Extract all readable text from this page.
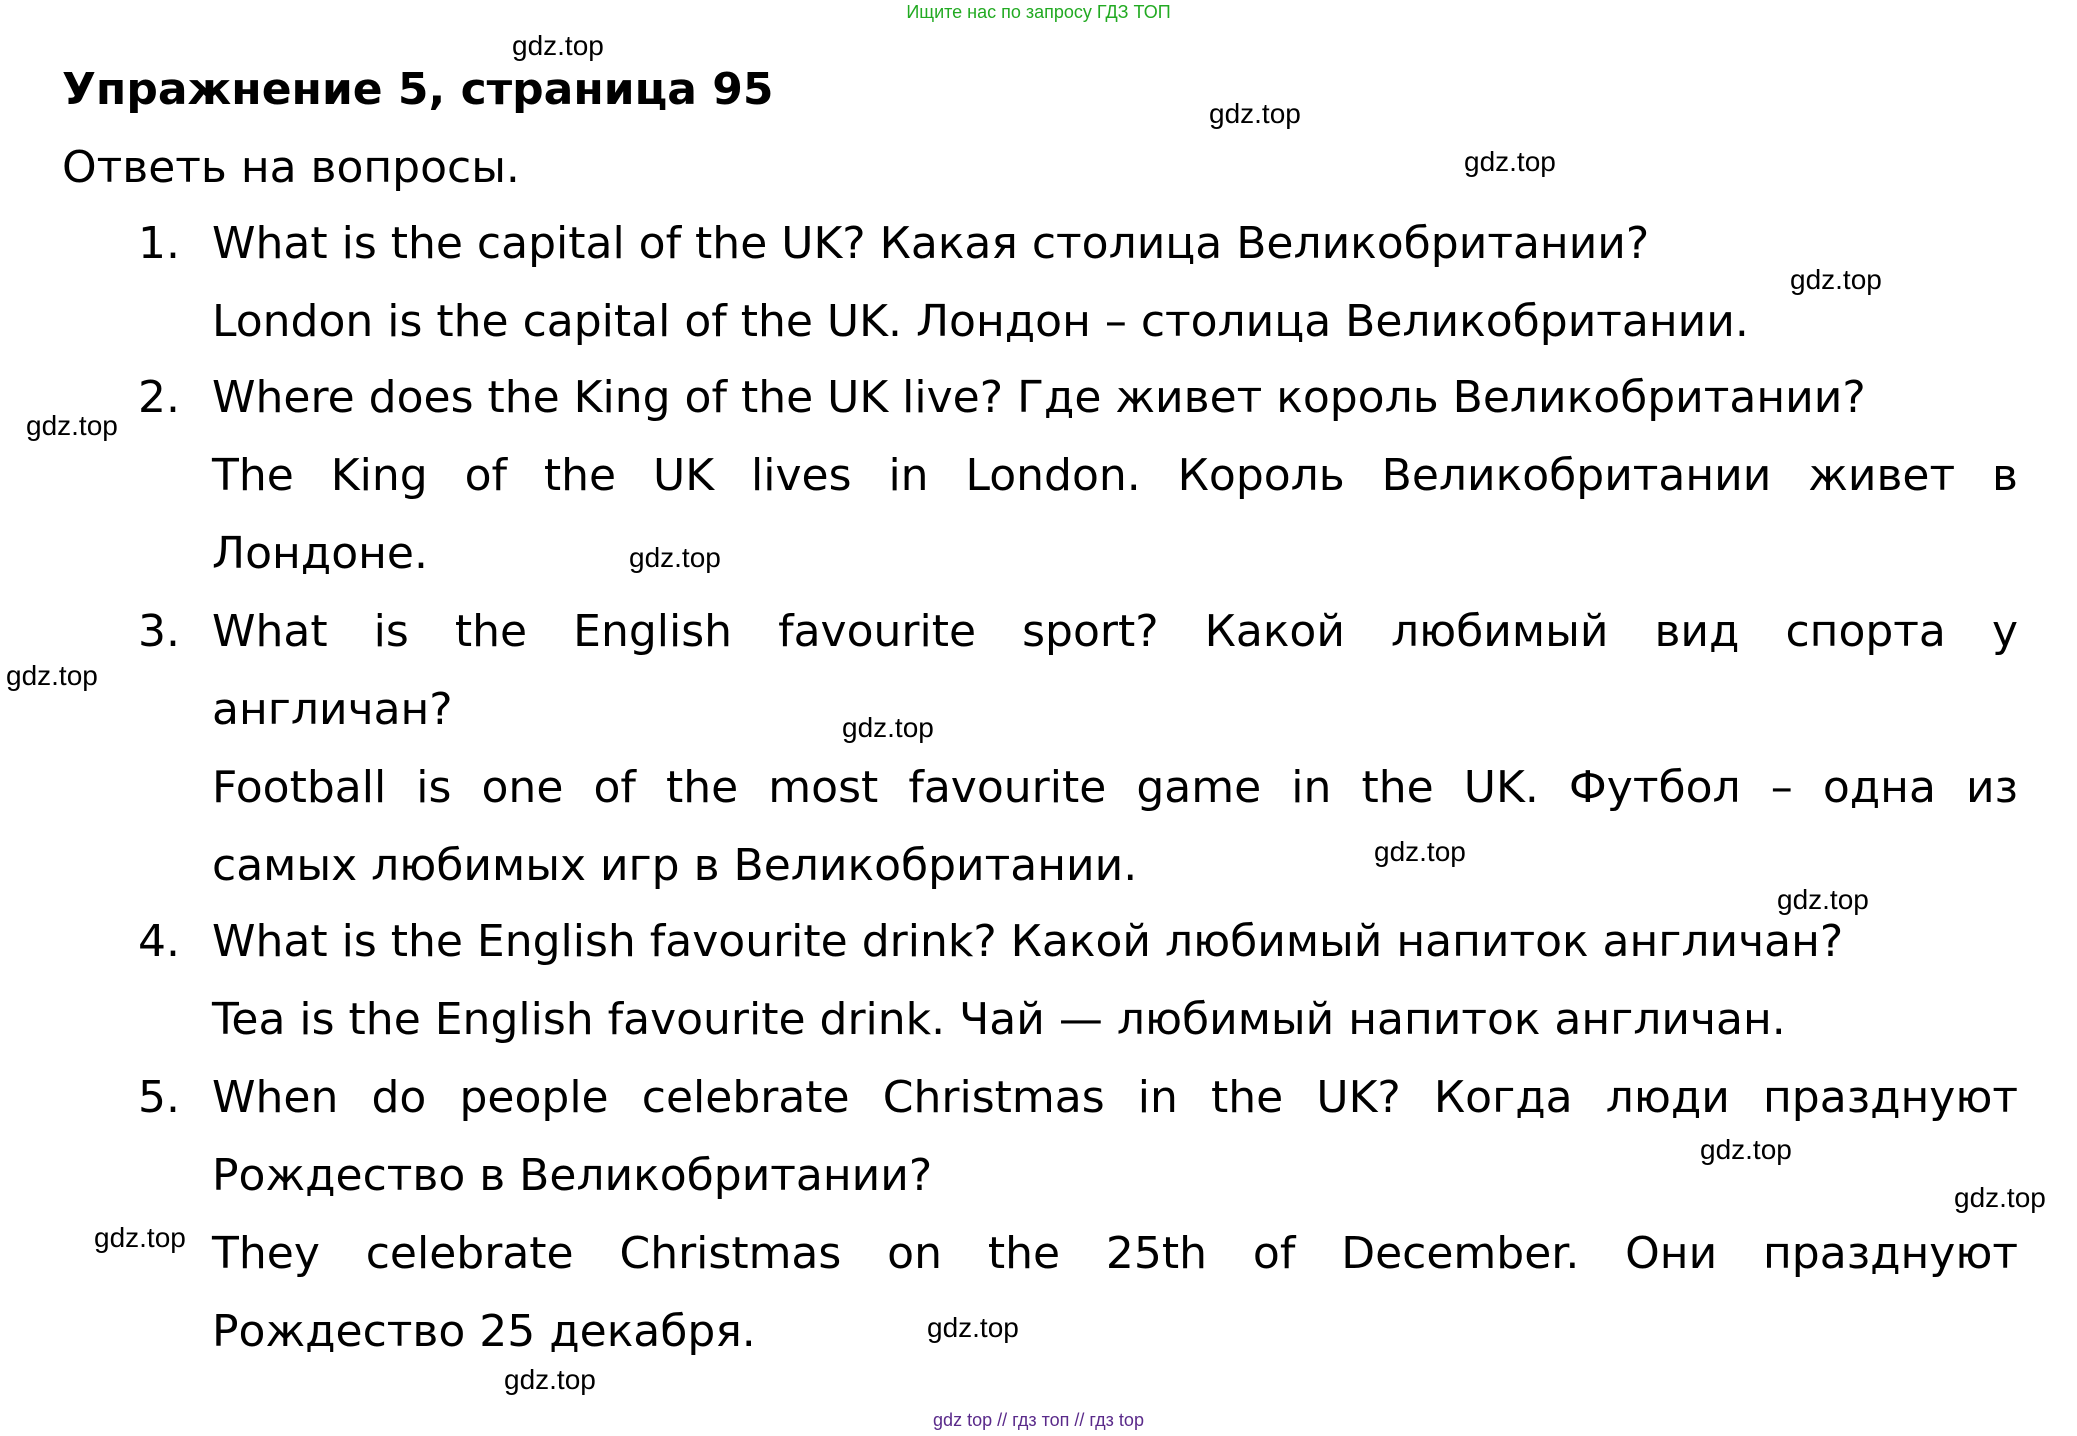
Ищите нас по запросу ГДЗ ТОП
Упражнение 5, страница 95
Ответь на вопросы.
1. What is the capital of the UK? Какая столица Великобритании?
London is the capital of the UK. Лондон – столица Великобритании.
2. Where does the King of the UK live? Где живет король Великобритании?
The King of the UK lives in London. Король Великобритании живет в
Лондоне.
3. What is the English favourite sport? Какой любимый вид спорта у
англичан?
Football is one of the most favourite game in the UK. Футбол – одна из
самых любимых игр в Великобритании.
4. What is the English favourite drink? Какой любимый напиток англичан?
Tea is the English favourite drink. Чай — любимый напиток англичан.
5. When do people celebrate Christmas in the UK? Когда люди празднуют
Рождество в Великобритании?
They celebrate Christmas on the 25th of December. Они празднуют
Рождество 25 декабря.
gdz.top
gdz.top
gdz.top
gdz.top
gdz.top
gdz.top
gdz.top
gdz.top
gdz.top
gdz.top
gdz.top
gdz.top
gdz.top
gdz.top
gdz.top
gdz top // гдз топ // гдз top
